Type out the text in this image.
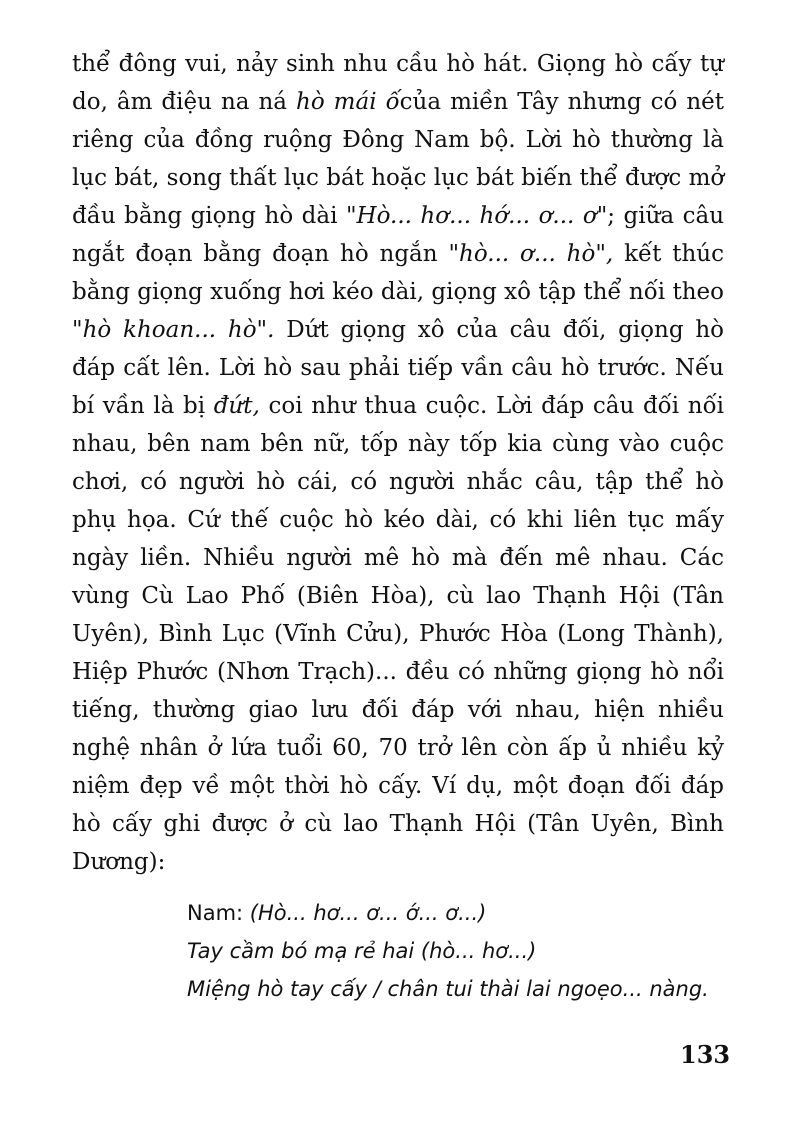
thể đông vui, nảy sinh nhu cầu hò hát. Giọng hò cấy tự
do, âm điệu na ná hò mái ốcủa miền Tây nhưng có nét
riêng của đồng ruộng Đông Nam bộ. Lời hò thường là
lục bát, song thất lục bát hoặc lục bát biến thể được mở
đầu bằng giọng hò dài "Hò... hơ... hớ... ơ... ơ"; giữa câu
ngắt đoạn bằng đoạn hò ngắn "hò... ơ... hò", kết thúc
bằng giọng xuống hơi kéo dài, giọng xô tập thể nối theo
"hò khoan... hò". Dứt giọng xô của câu đối, giọng hò
đáp cất lên. Lời hò sau phải tiếp vần câu hò trước. Nếu
bí vần là bị đứt, coi như thua cuộc. Lời đáp câu đối nối
nhau, bên nam bên nữ, tốp này tốp kia cùng vào cuộc
chơi, có người hò cái, có người nhắc câu, tập thể hò
phụ họa. Cứ thế cuộc hò kéo dài, có khi liên tục mấy
ngày liền. Nhiều người mê hò mà đến mê nhau. Các
vùng Cù Lao Phố (Biên Hòa), cù lao Thạnh Hội (Tân
Uyên), Bình Lục (Vĩnh Cửu), Phước Hòa (Long Thành),
Hiệp Phước (Nhơn Trạch)... đều có những giọng hò nổi
tiếng, thường giao lưu đối đáp với nhau, hiện nhiều
nghệ nhân ở lứa tuổi 60, 70 trở lên còn ấp ủ nhiều kỷ
niệm đẹp về một thời hò cấy. Ví dụ, một đoạn đối đáp
hò cấy ghi được ở cù lao Thạnh Hội (Tân Uyên, Bình
Dương):
Nam: (Hò... hơ... ơ... ớ... ơ...)
Tay cầm bó mạ rẻ hai (hò... hơ...)
Miệng hò tay cấy / chân tui thài lai ngoẹo... nàng.
133
